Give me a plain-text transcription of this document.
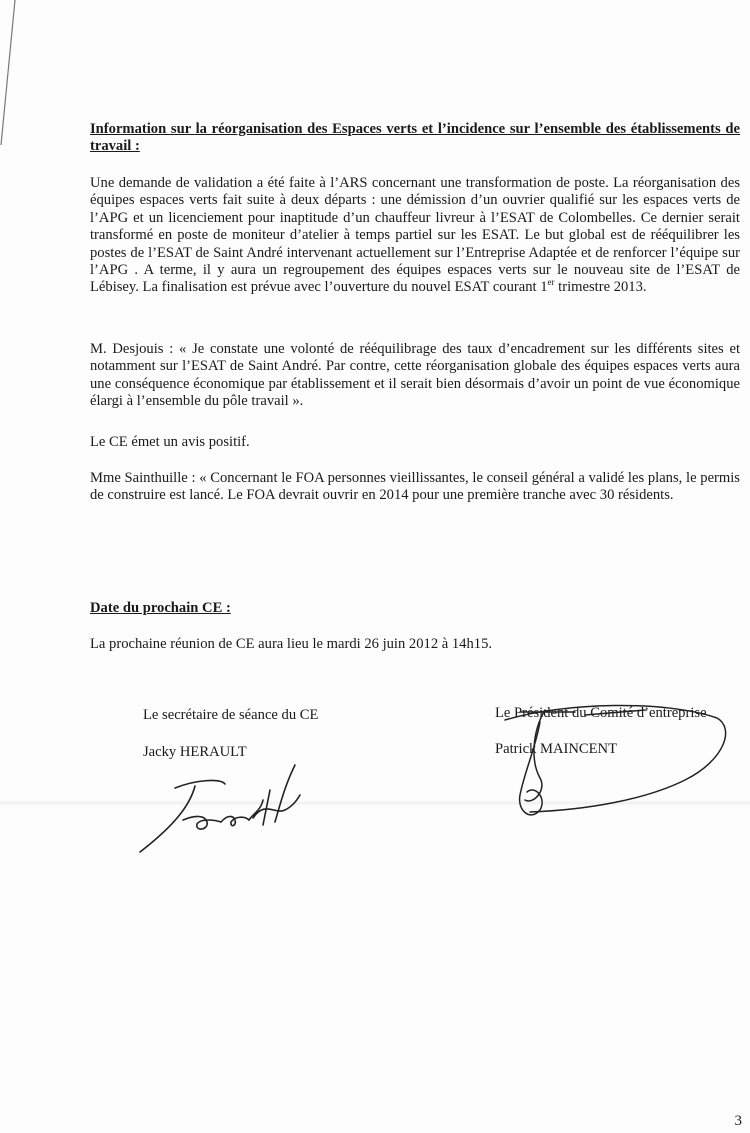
Information sur la réorganisation des Espaces verts et l’incidence sur l’ensemble des établissements de travail :

Une demande de validation a été faite à l’ARS concernant une transformation de poste. La réorganisation des équipes espaces verts fait suite à deux départs : une démission d’un ouvrier qualifié sur les espaces verts de l’APG et un licenciement pour inaptitude d’un chauffeur livreur à l’ESAT de Colombelles. Ce dernier serait transformé en poste de moniteur d’atelier à temps partiel sur les ESAT. Le but global est de rééquilibrer les postes de l’ESAT de Saint André intervenant actuellement sur l’Entreprise Adaptée et de renforcer l’équipe sur l’APG . A terme, il y aura un regroupement des équipes espaces verts sur le nouveau site de l’ESAT de Lébisey. La finalisation est prévue avec l’ouverture du nouvel ESAT courant 1er trimestre 2013.

M. Desjouis : « Je constate une volonté de rééquilibrage des taux d’encadrement sur les différents sites et notamment sur l’ESAT de Saint André. Par contre, cette réorganisation globale des équipes espaces verts aura une conséquence économique par établissement et il serait bien désormais d’avoir un point de vue économique élargi à l’ensemble du pôle travail ».

Le CE émet un avis positif.

Mme Sainthuille : « Concernant le FOA personnes vieillissantes, le conseil général a validé les plans, le permis de construire est lancé. Le FOA devrait ouvrir en 2014 pour une première tranche avec 30 résidents.

Date du prochain CE :

La prochaine réunion de CE aura lieu le mardi 26 juin 2012 à 14h15.

Le secrétaire de séance du CE
Jacky HERAULT
Le Président du Comité d’entreprise
Patrick MAINCENT
3
